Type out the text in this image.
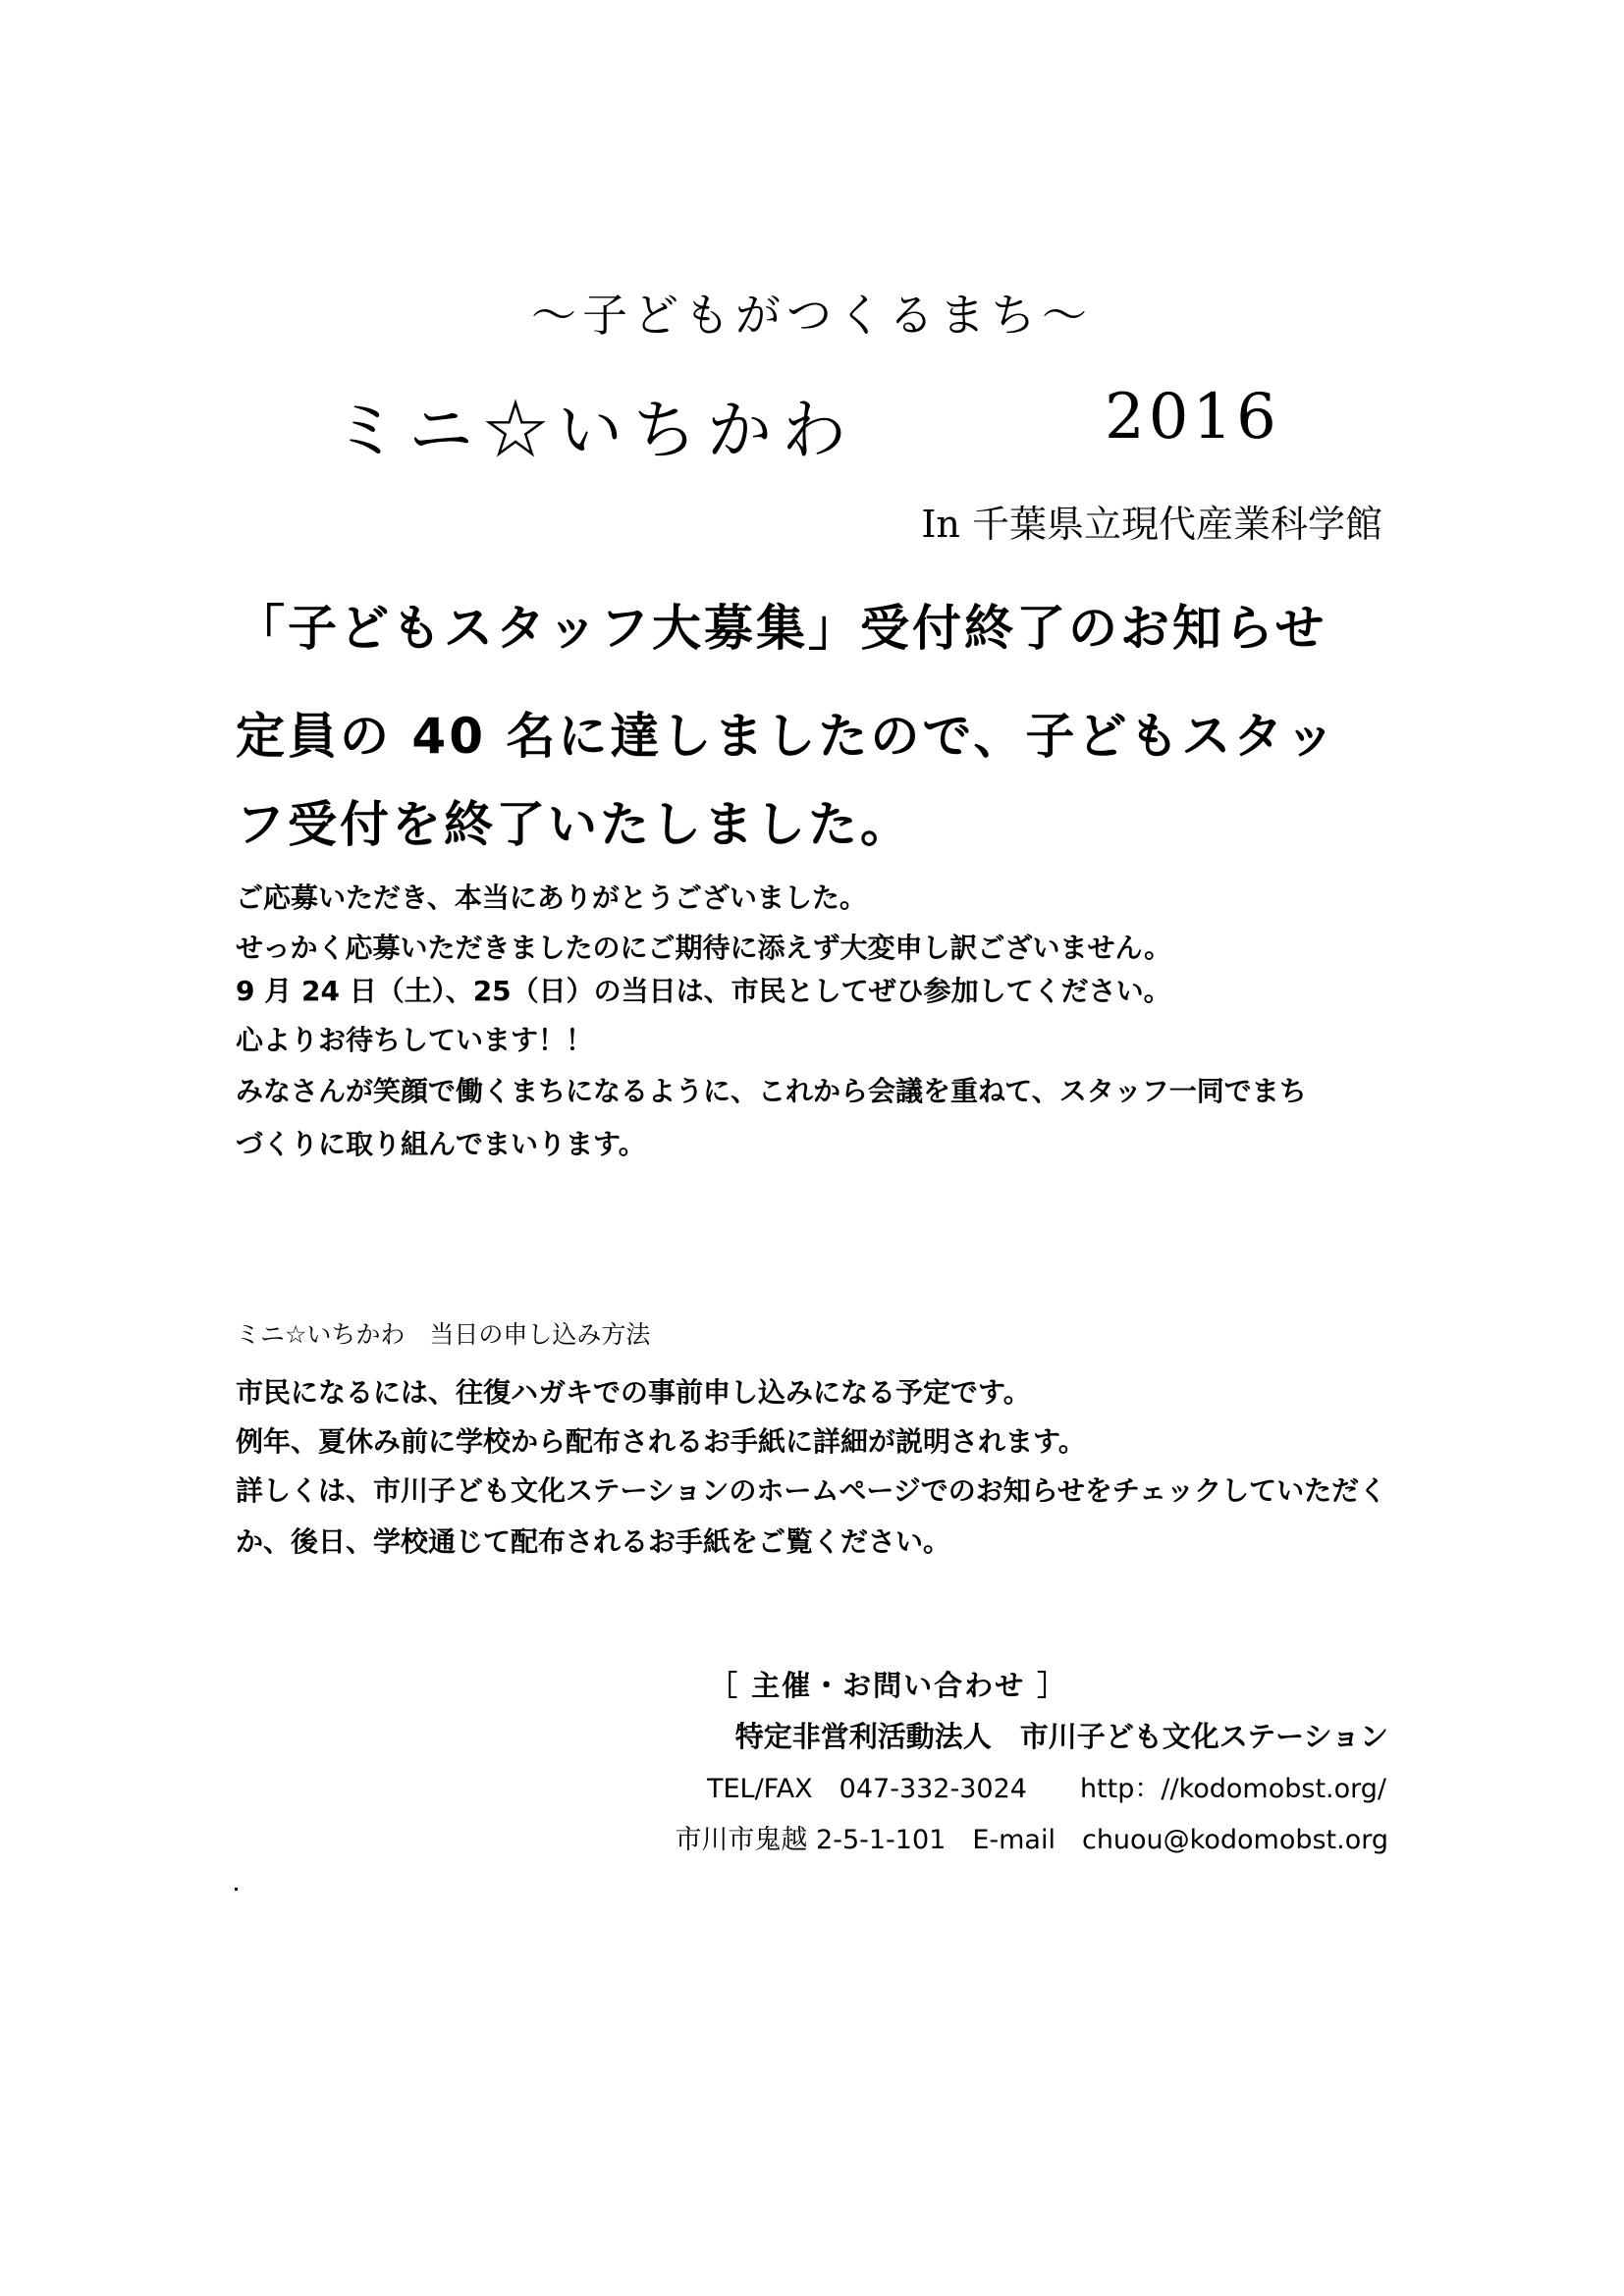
～子どもがつくるまち～
ミニ☆いちかわ	2016
In 千葉県立現代産業科学館
「子どもスタッフ大募集」受付終了のお知らせ
定員の 40 名に達しましたので、子どもスタッ
フ受付を終了いたしました。
ご応募いただき、本当にありがとうございました。
せっかく応募いただきましたのにご期待に添えず大変申し訳ございません。
9 月 24 日（土）、25（日）の当日は、市民としてぜひ参加してください。
心よりお待ちしています！！
みなさんが笑顔で働くまちになるように、これから会議を重ねて、スタッフ一同でまち
づくりに取り組んでまいります。
ミニ☆いちかわ　当日の申し込み方法
市民になるには、往復ハガキでの事前申し込みになる予定です。
例年、夏休み前に学校から配布されるお手紙に詳細が説明されます。
詳しくは、市川子ども文化ステーションのホームページでのお知らせをチェックしていただく
か、後日、学校通じて配布されるお手紙をご覧ください。
［ 主催・お問い合わせ ］
特定非営利活動法人　市川子ども文化ステーション
TEL/FAX　047-332-3024　　http：//kodomobst.org/
市川市鬼越 2-5-1-101　E-mail　chuou@kodomobst.org
